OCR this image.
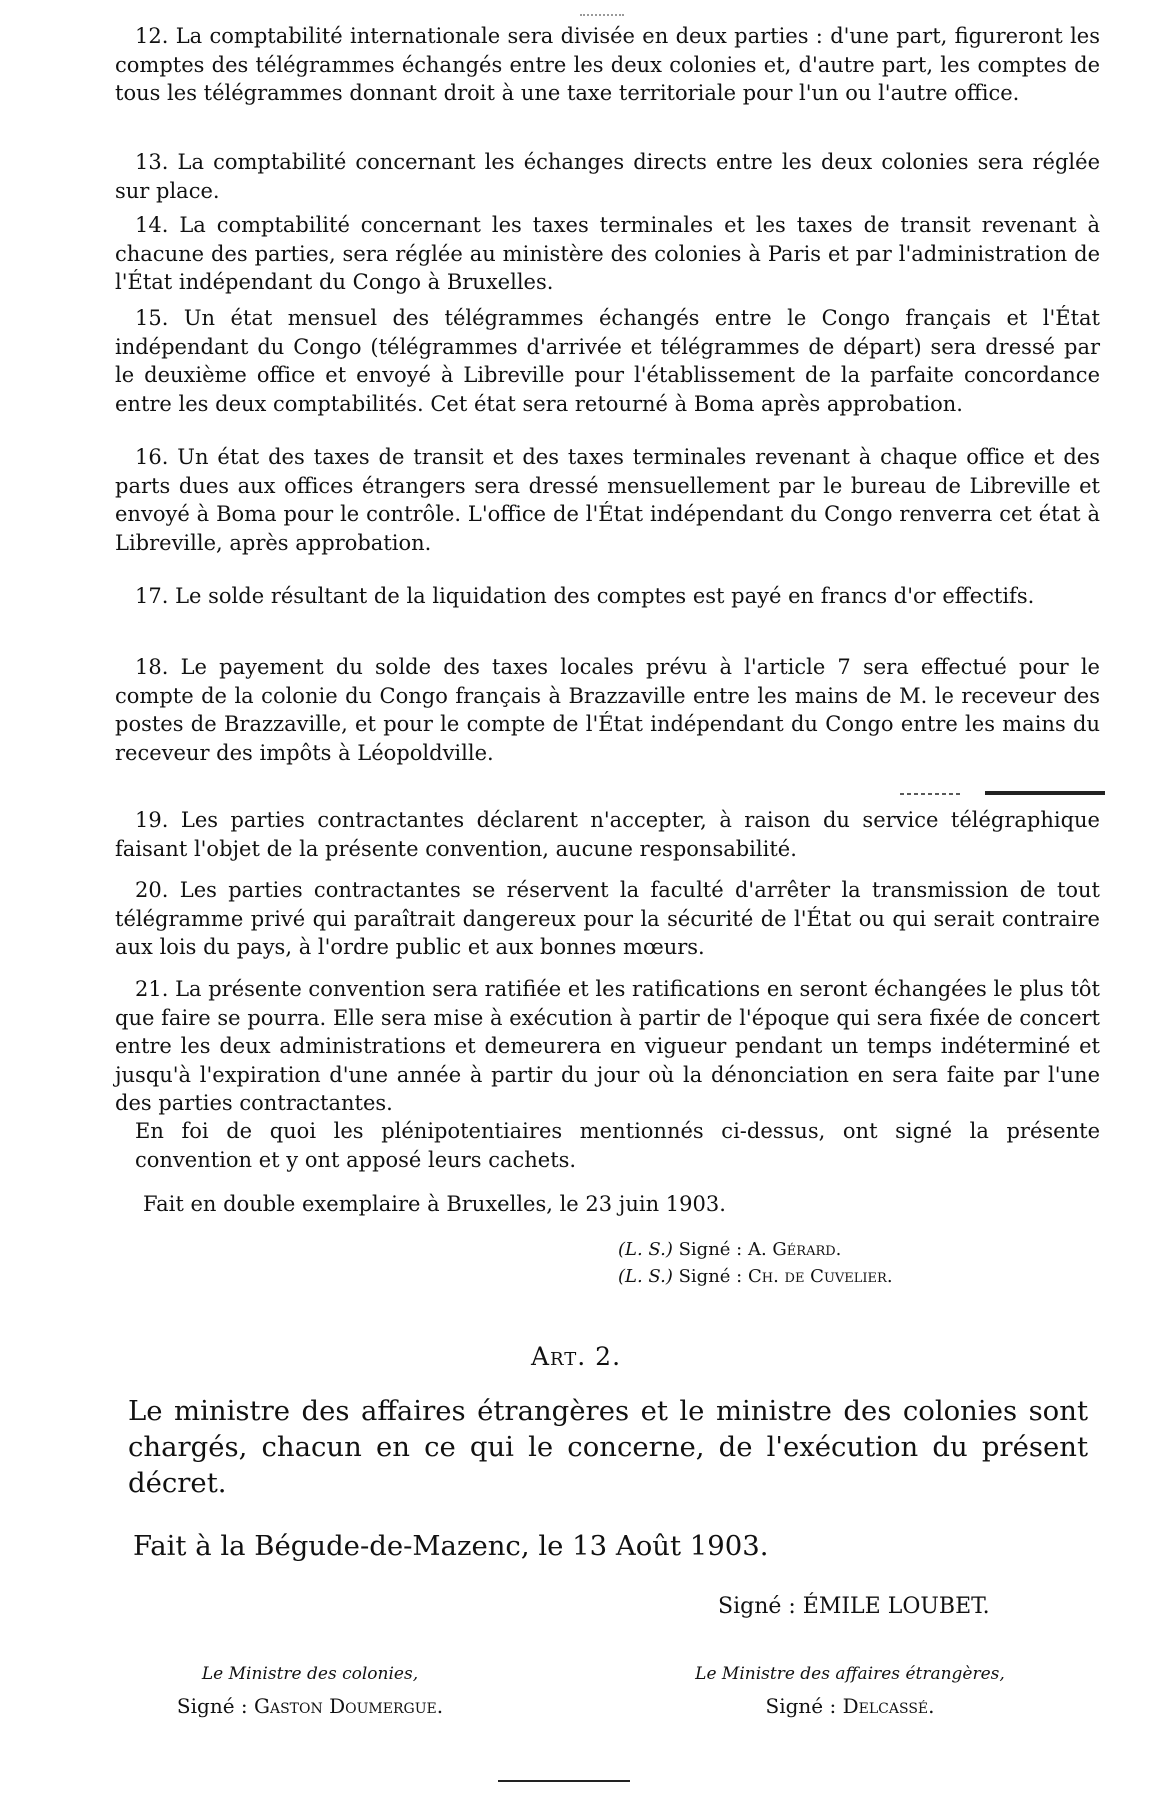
12. La comptabilité internationale sera divisée en deux parties : d'une part, figureront les comptes des télégrammes échangés entre les deux colonies et, d'autre part, les comptes de tous les télégrammes donnant droit à une taxe territoriale pour l'un ou l'autre office.

13. La comptabilité concernant les échanges directs entre les deux colonies sera réglée sur place.

14. La comptabilité concernant les taxes terminales et les taxes de transit revenant à chacune des parties, sera réglée au ministère des colonies à Paris et par l'administration de l'État indépendant du Congo à Bruxelles.

15. Un état mensuel des télégrammes échangés entre le Congo français et l'État indépendant du Congo (télégrammes d'arrivée et télégrammes de départ) sera dressé par le deuxième office et envoyé à Libreville pour l'établissement de la parfaite concordance entre les deux comptabilités. Cet état sera retourné à Boma après approbation.

16. Un état des taxes de transit et des taxes terminales revenant à chaque office et des parts dues aux offices étrangers sera dressé mensuellement par le bureau de Libreville et envoyé à Boma pour le contrôle. L'office de l'État indépendant du Congo renverra cet état à Libreville, après approbation.

17. Le solde résultant de la liquidation des comptes est payé en francs d'or effectifs.

18. Le payement du solde des taxes locales prévu à l'article 7 sera effectué pour le compte de la colonie du Congo français à Brazzaville entre les mains de M. le receveur des postes de Brazzaville, et pour le compte de l'État indépendant du Congo entre les mains du receveur des impôts à Léopoldville.

19. Les parties contractantes déclarent n'accepter, à raison du service télégraphique faisant l'objet de la présente convention, aucune responsabilité.

20. Les parties contractantes se réservent la faculté d'arrêter la transmission de tout télégramme privé qui paraîtrait dangereux pour la sécurité de l'État ou qui serait contraire aux lois du pays, à l'ordre public et aux bonnes mœurs.

21. La présente convention sera ratifiée et les ratifications en seront échangées le plus tôt que faire se pourra. Elle sera mise à exécution à partir de l'époque qui sera fixée de concert entre les deux administrations et demeurera en vigueur pendant un temps indéterminé et jusqu'à l'expiration d'une année à partir du jour où la dénonciation en sera faite par l'une des parties contractantes.

En foi de quoi les plénipotentiaires mentionnés ci-dessus, ont signé la présente convention et y ont apposé leurs cachets.

Fait en double exemplaire à Bruxelles, le 23 juin 1903.
(L. S.) Signé : A. Gérard.
(L. S.) Signé : Ch. de Cuvelier.
Art. 2.

Le ministre des affaires étrangères et le ministre des colonies sont chargés, chacun en ce qui le concerne, de l'exécution du présent décret.

Fait à la Bégude-de-Mazenc, le 13 Août 1903.
Signé : ÉMILE LOUBET.
Le Ministre des colonies,
Signé : Gaston Doumergue.
Le Ministre des affaires étrangères,
Signé : Delcassé.
